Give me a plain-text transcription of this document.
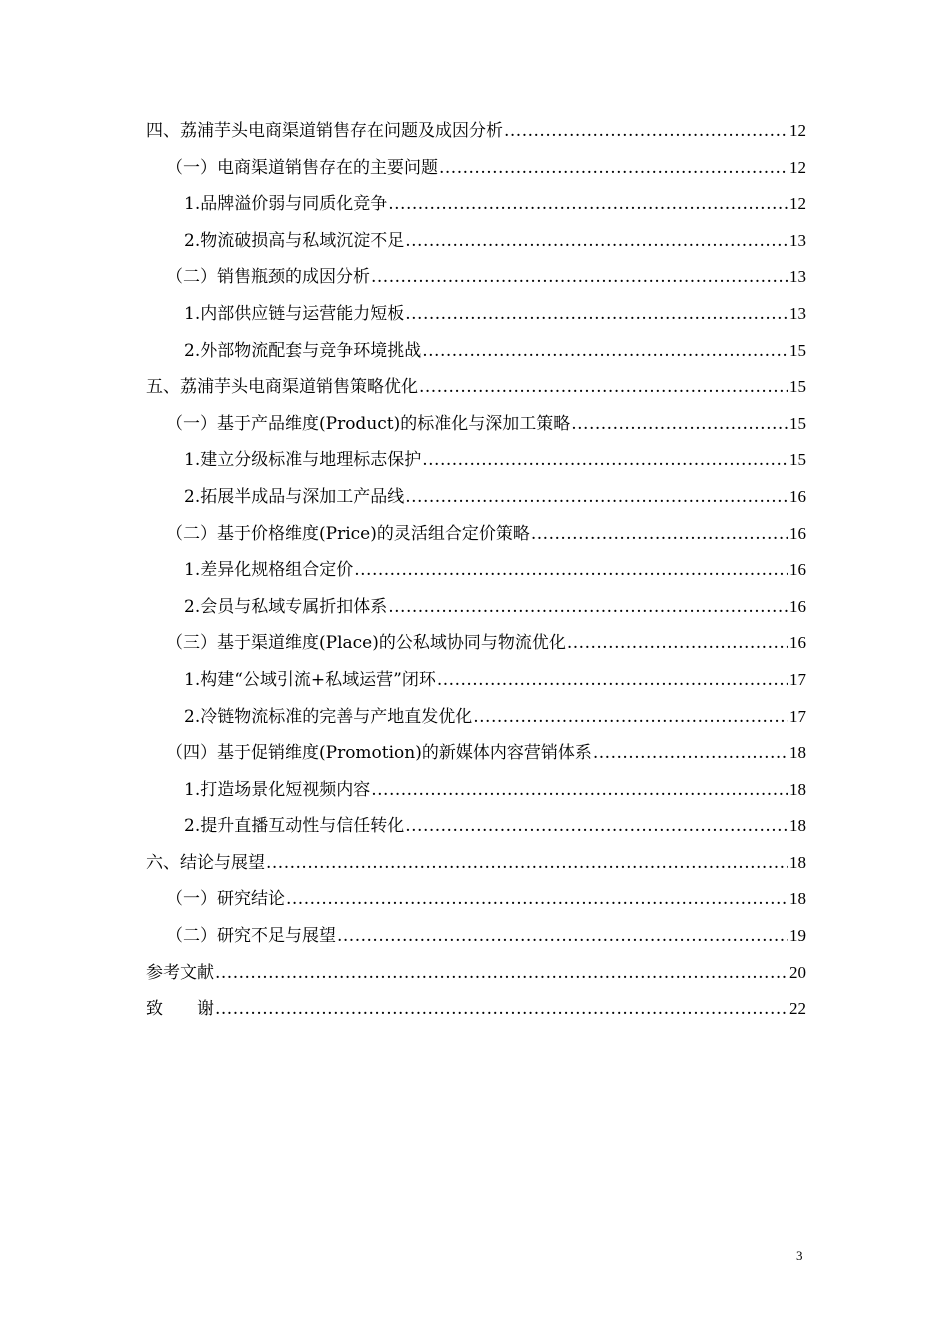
四、荔浦芋头电商渠道销售存在问题及成因分析 .....	12
（一）电商渠道销售存在的主要问题 .....	12
1.品牌溢价弱与同质化竞争 .....	12
2.物流破损高与私域沉淀不足 .....	13
（二）销售瓶颈的成因分析 .....	13
1.内部供应链与运营能力短板 .....	13
2.外部物流配套与竞争环境挑战 .....	15
五、荔浦芋头电商渠道销售策略优化 .....	15
（一）基于产品维度(Product)的标准化与深加工策略 .....	15
1.建立分级标准与地理标志保护 .....	15
2.拓展半成品与深加工产品线 .....	16
（二）基于价格维度(Price)的灵活组合定价策略 .....	16
1.差异化规格组合定价 .....	16
2.会员与私域专属折扣体系 .....	16
（三）基于渠道维度(Place)的公私域协同与物流优化 .....	16
1.构建“公域引流+私域运营”闭环 .....	17
2.冷链物流标准的完善与产地直发优化 .....	17
（四）基于促销维度(Promotion)的新媒体内容营销体系 .....	18
1.打造场景化短视频内容 .....	18
2.提升直播互动性与信任转化 .....	18
六、结论与展望 .....	18
（一）研究结论 .....	18
（二）研究不足与展望 .....	19
参考文献 .....	20
致　　谢 .....	22
3
